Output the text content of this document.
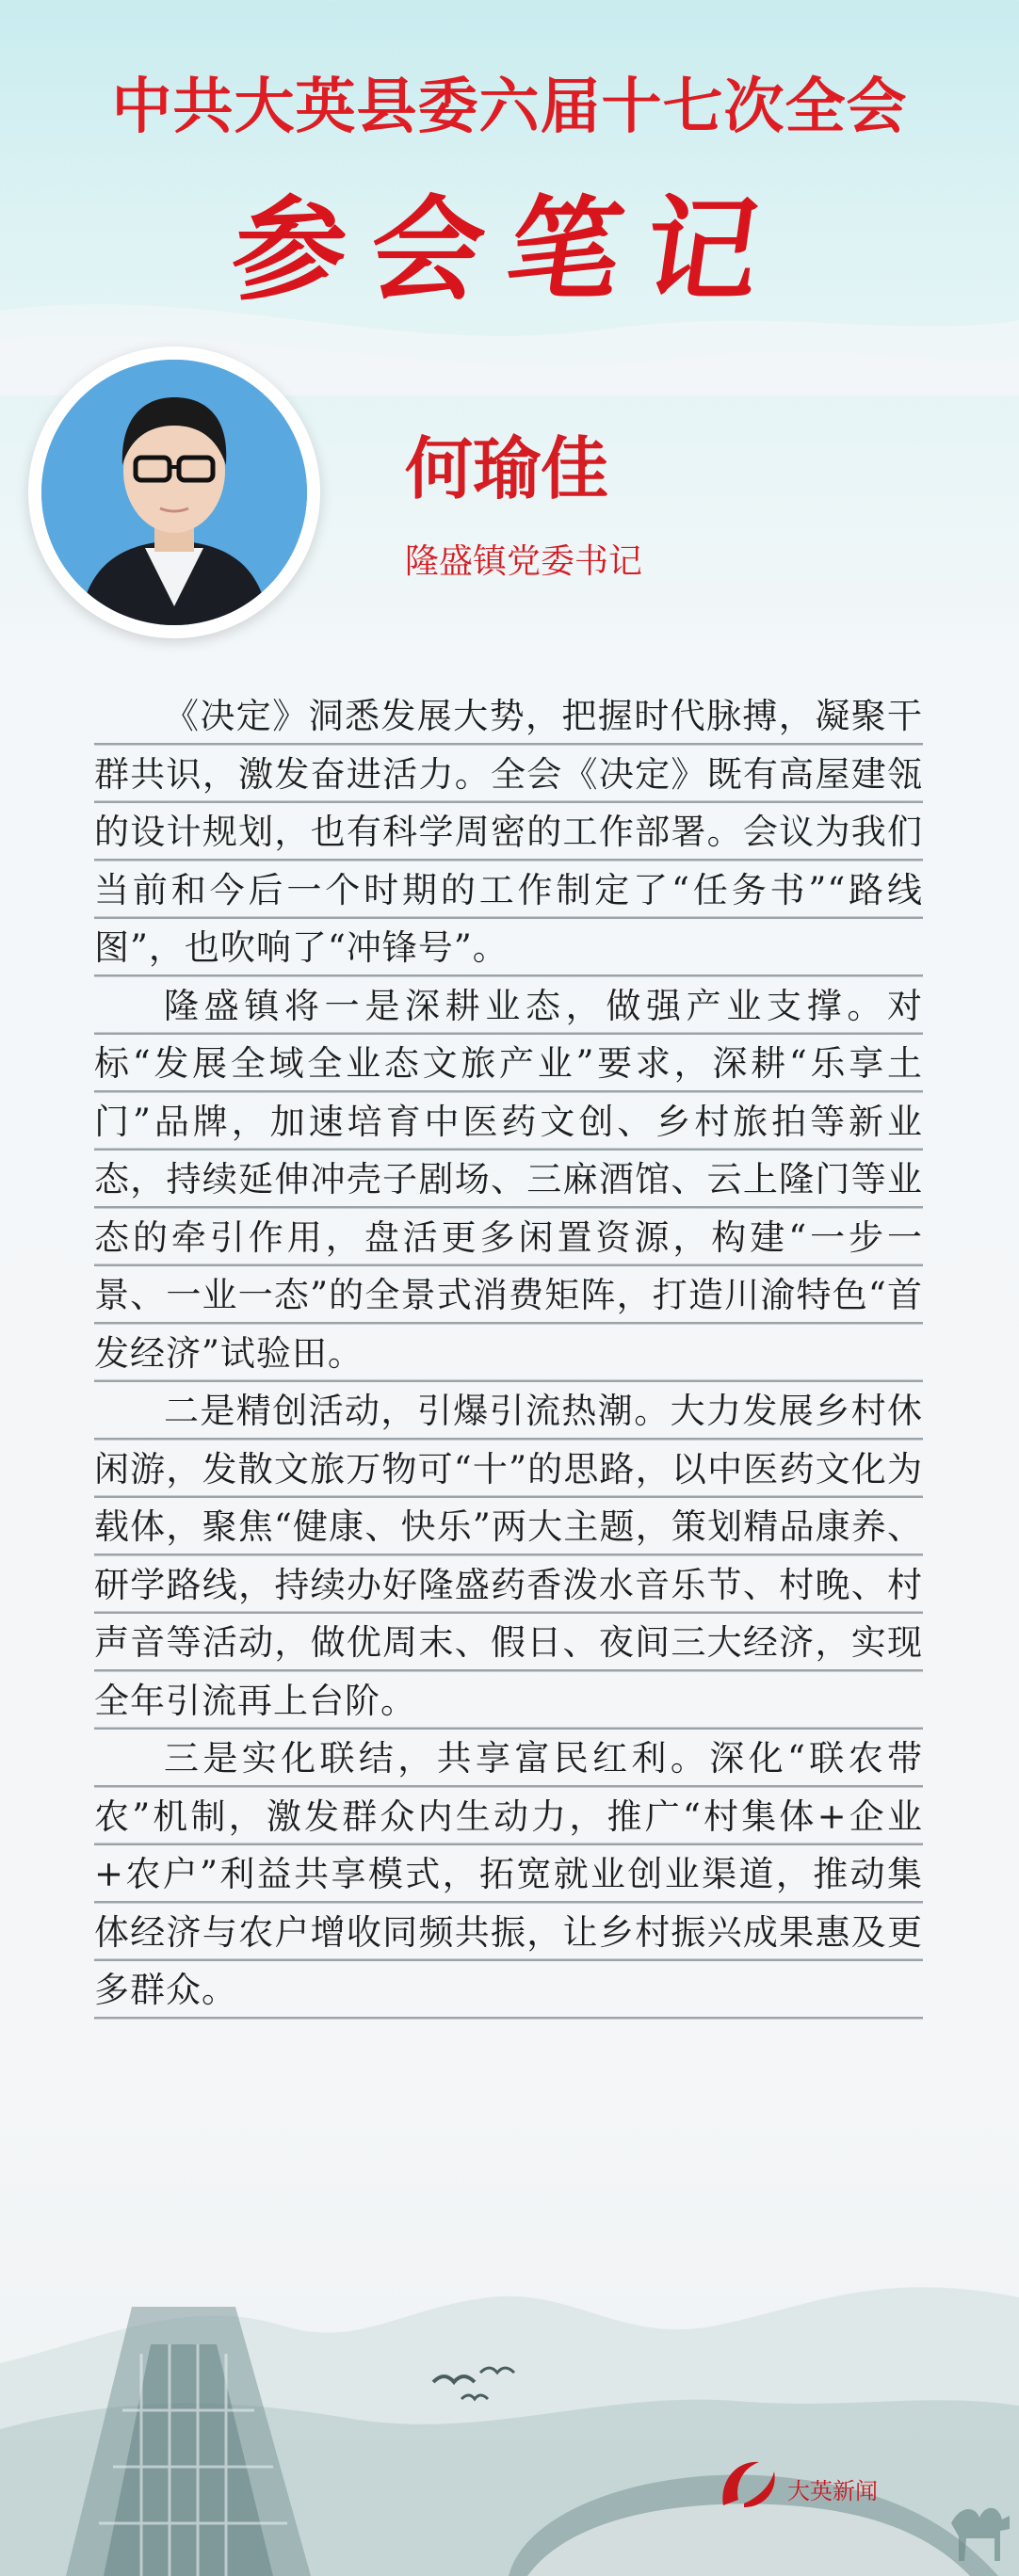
中共大英县委六届十七次全会
参会笔记
何瑜佳
隆盛镇党委书记

《决定》洞悉发展大势，把握时代脉搏，凝聚干群共识，激发奋进活力。全会《决定》既有高屋建瓴的设计规划，也有科学周密的工作部署。会议为我们当前和今后一个时期的工作制定了“任务书”“路线图”，也吹响了“冲锋号”。

隆盛镇将一是深耕业态，做强产业支撑。对标“发展全域全业态文旅产业”要求，深耕“乐享土门”品牌，加速培育中医药文创、乡村旅拍等新业态，持续延伸冲壳子剧场、三麻酒馆、云上隆门等业态的牵引作用，盘活更多闲置资源，构建“一步一景、一业一态”的全景式消费矩阵，打造川渝特色“首发经济”试验田。

二是精创活动，引爆引流热潮。大力发展乡村休闲游，发散文旅万物可“十”的思路，以中医药文化为载体，聚焦“健康、快乐”两大主题，策划精品康养、研学路线，持续办好隆盛药香泼水音乐节、村晚、村声音等活动，做优周末、假日、夜间三大经济，实现全年引流再上台阶。

三是实化联结，共享富民红利。深化“联农带农”机制，激发群众内生动力，推广“村集体+企业+农户”利益共享模式，拓宽就业创业渠道，推动集体经济与农户增收同频共振，让乡村振兴成果惠及更多群众。

大英新闻
